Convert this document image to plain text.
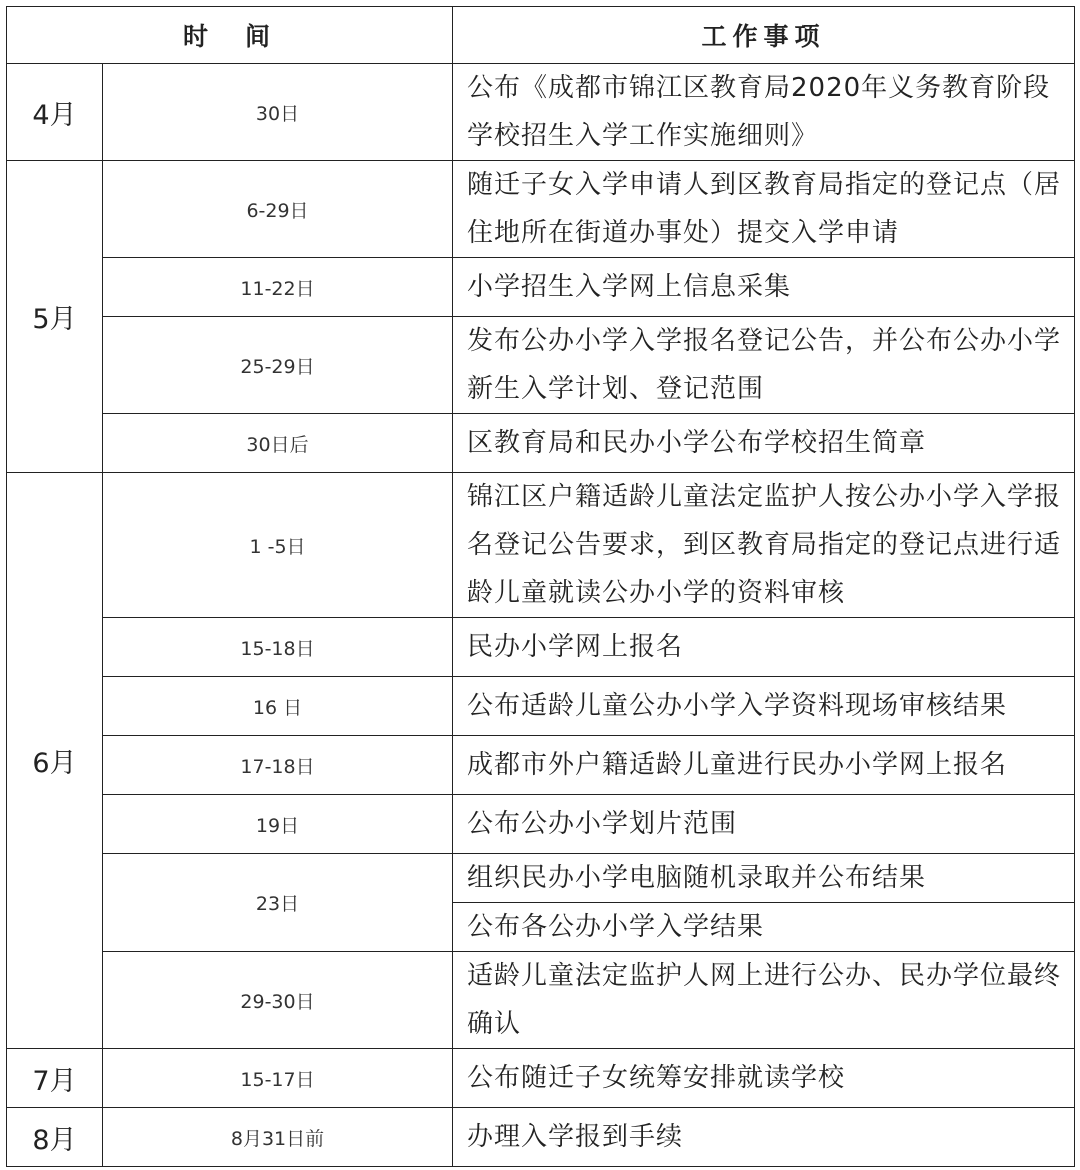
时　间		工作事项
4月	30日	公布《成都市锦江区教育局2020年义务教育阶段学校招生入学工作实施细则》
5月	6-29日	随迁子女入学申请人到区教育局指定的登记点（居住地所在街道办事处）提交入学申请
	11-22日	小学招生入学网上信息采集
	25-29日	发布公办小学入学报名登记公告，并公布公办小学新生入学计划、登记范围
	30日后	区教育局和民办小学公布学校招生简章
6月	1 -5日	锦江区户籍适龄儿童法定监护人按公办小学入学报名登记公告要求，到区教育局指定的登记点进行适龄儿童就读公办小学的资料审核
	15-18日	民办小学网上报名
	16 日	公布适龄儿童公办小学入学资料现场审核结果
	17-18日	成都市外户籍适龄儿童进行民办小学网上报名
	19日	公布公办小学划片范围
	23日	组织民办小学电脑随机录取并公布结果
		公布各公办小学入学结果
	29-30日	适龄儿童法定监护人网上进行公办、民办学位最终确认
7月	15-17日	公布随迁子女统筹安排就读学校
8月	8月31日前	办理入学报到手续
